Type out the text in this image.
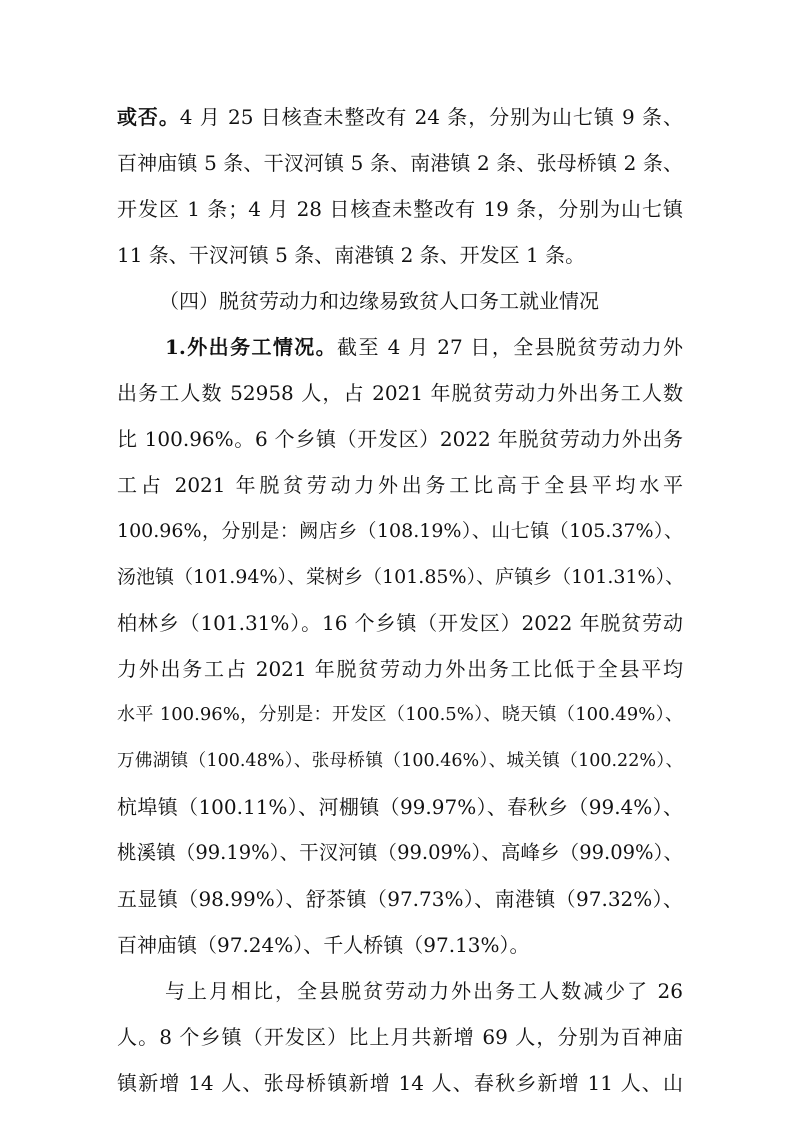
或否。4 月 25 日核查未整改有 24 条，分别为山七镇 9 条、
百神庙镇 5 条、干汊河镇 5 条、南港镇 2 条、张母桥镇 2 条、
开发区 1 条；4 月 28 日核查未整改有 19 条，分别为山七镇
11 条、干汊河镇 5 条、南港镇 2 条、开发区 1 条。
（四）脱贫劳动力和边缘易致贫人口务工就业情况
1.外出务工情况。截至 4 月 27 日，全县脱贫劳动力外
出务工人数 52958 人，占 2021 年脱贫劳动力外出务工人数
比 100.96%。6 个乡镇（开发区）2022 年脱贫劳动力外出务
工占 2021 年脱贫劳动力外出务工比高于全县平均水平
100.96%，分别是：阙店乡（108.19%）、山七镇（105.37%）、
汤池镇（101.94%）、棠树乡（101.85%）、庐镇乡（101.31%）、
柏林乡（101.31%）。16 个乡镇（开发区）2022 年脱贫劳动
力外出务工占 2021 年脱贫劳动力外出务工比低于全县平均
水平 100.96%，分别是：开发区（100.5%）、晓天镇（100.49%）、
万佛湖镇（100.48%）、张母桥镇（100.46%）、城关镇（100.22%）、
杭埠镇（100.11%）、河棚镇（99.97%）、春秋乡（99.4%）、
桃溪镇（99.19%）、干汊河镇（99.09%）、高峰乡（99.09%）、
五显镇（98.99%）、舒茶镇（97.73%）、南港镇（97.32%）、
百神庙镇（97.24%）、千人桥镇（97.13%）。
与上月相比，全县脱贫劳动力外出务工人数减少了 26
人。8 个乡镇（开发区）比上月共新增 69 人，分别为百神庙
镇新增 14 人、张母桥镇新增 14 人、春秋乡新增 11 人、山
